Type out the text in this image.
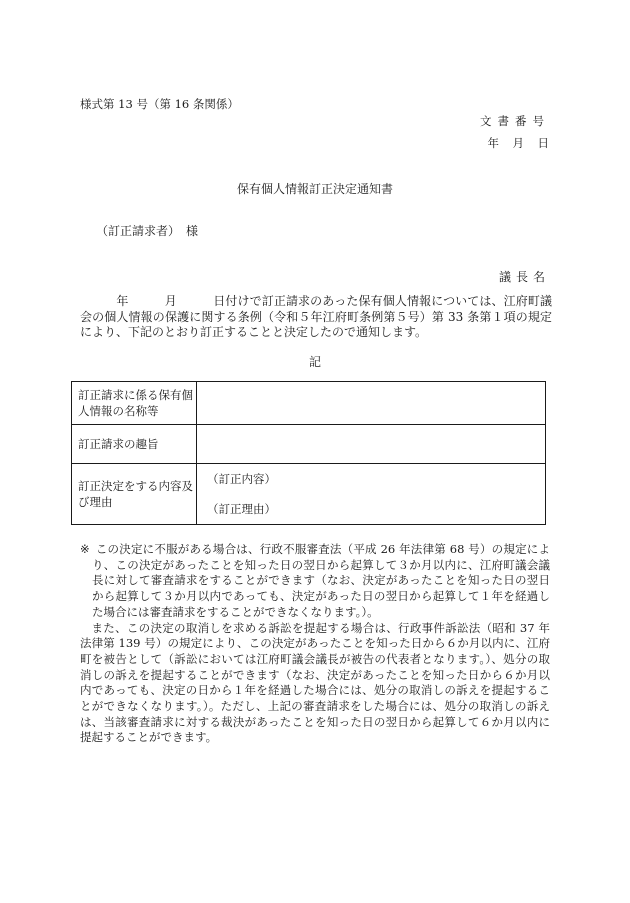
様式第 13 号（第 16 条関係）
文書番号
年　月　日
保有個人情報訂正決定通知書
（訂正請求者）　様
議長名
　　　年　　　月　　　日付けで訂正請求のあった保有個人情報については、江府町議会の個人情報の保護に関する条例（令和５年江府町条例第５号）第 33 条第１項の規定により、下記のとおり訂正することと決定したので通知します。
記
訂正請求に係る保有個人情報の名称等	
訂正請求の趣旨	
訂正決定をする内容及び理由	（訂正内容）
（訂正理由）

※ この決定に不服がある場合は、行政不服審査法（平成 26 年法律第 68 号）の規定により、この決定があったことを知った日の翌日から起算して３か月以内に、江府町議会議長に対して審査請求をすることができます（なお、決定があったことを知った日の翌日から起算して３か月以内であっても、決定があった日の翌日から起算して１年を経過した場合には審査請求をすることができなくなります。）。

また、この決定の取消しを求める訴訟を提起する場合は、行政事件訴訟法（昭和 37 年法律第 139 号）の規定により、この決定があったことを知った日から６か月以内に、江府町を被告として（訴訟においては江府町議会議長が被告の代表者となります。）、処分の取消しの訴えを提起することができます（なお、決定があったことを知った日から６か月以内であっても、決定の日から１年を経過した場合には、処分の取消しの訴えを提起することができなくなります。）。ただし、上記の審査請求をした場合には、処分の取消しの訴えは、当該審査請求に対する裁決があったことを知った日の翌日から起算して６か月以内に提起することができます。
